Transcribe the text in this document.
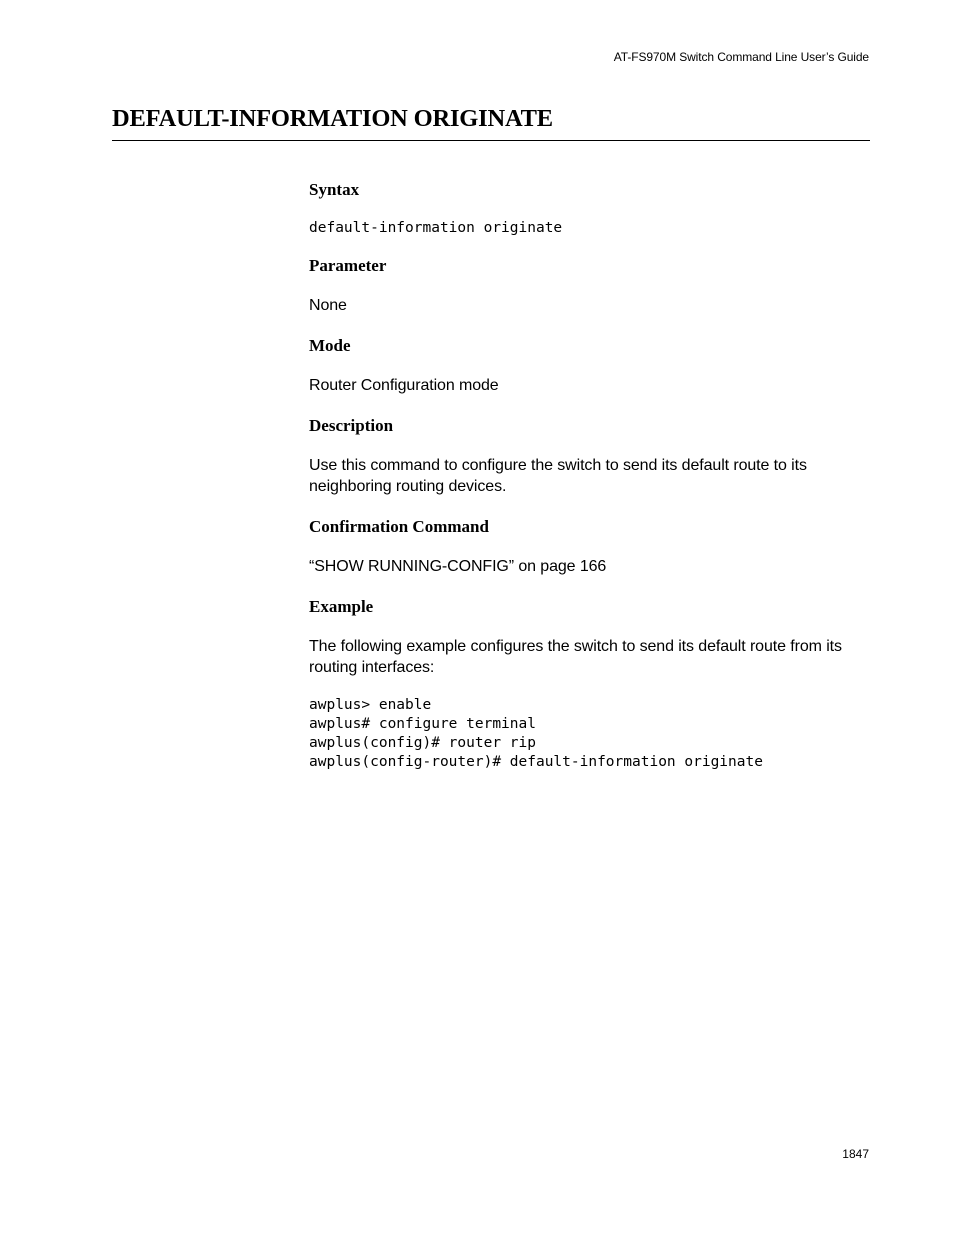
AT-FS970M Switch Command Line User’s Guide
DEFAULT-INFORMATION ORIGINATE
Syntax

default-information originate

Parameter

None

Mode

Router Configuration mode

Description

Use this command to configure the switch to send its default route to its neighboring routing devices.

Confirmation Command

“SHOW RUNNING-CONFIG” on page 166

Example

The following example configures the switch to send its default route from its routing interfaces:

awplus> enable

awplus# configure terminal

awplus(config)# router rip

awplus(config-router)# default-information originate

1847
